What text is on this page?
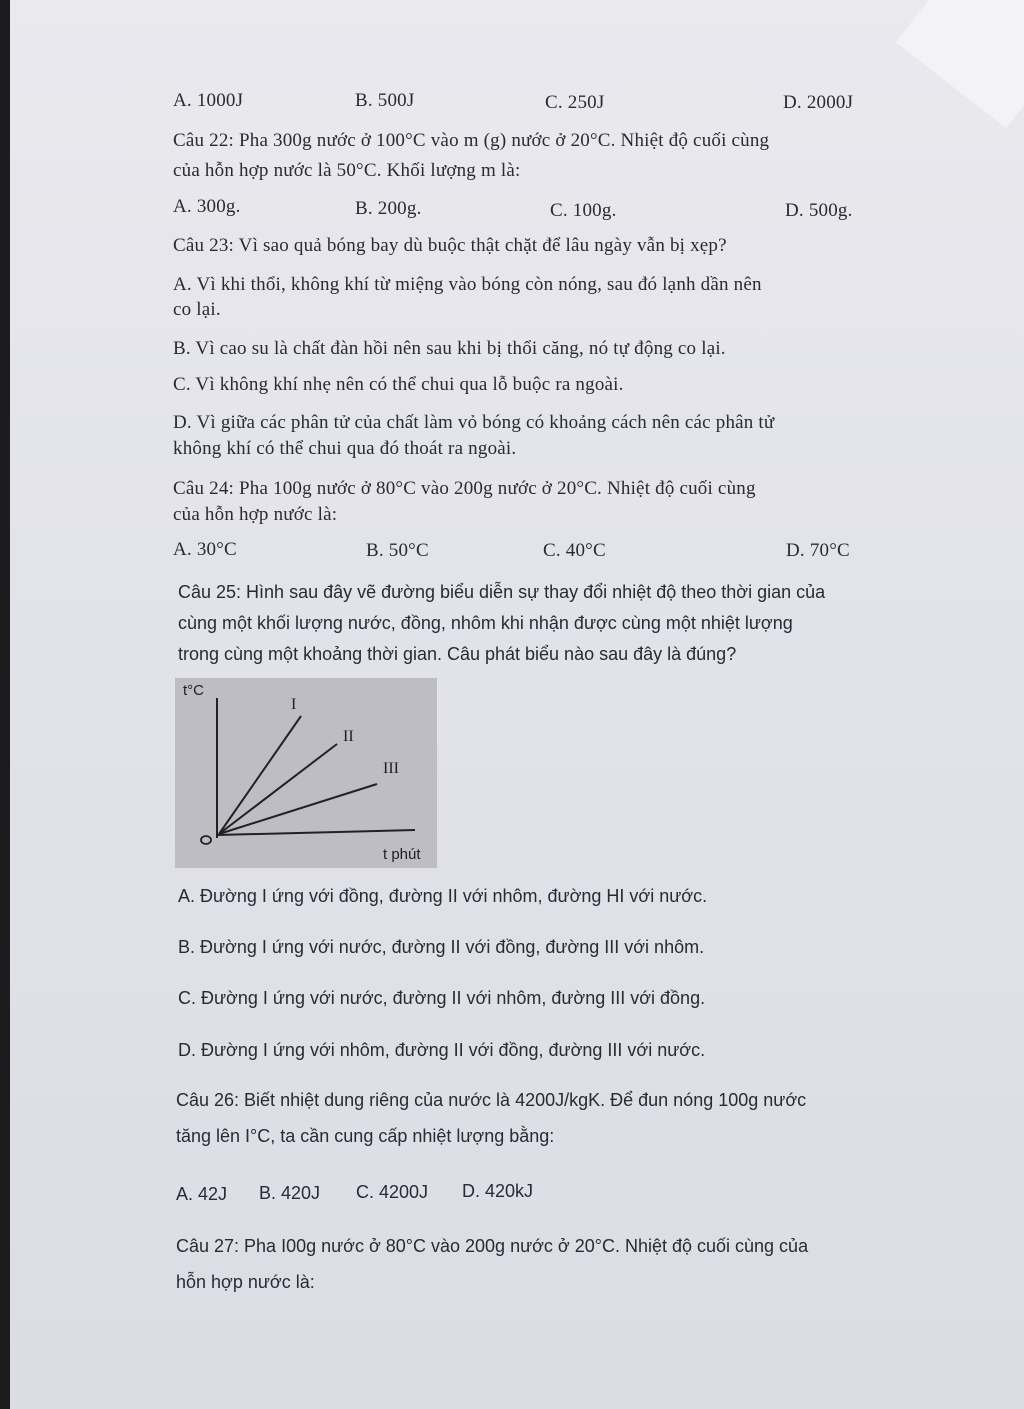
A. 1000J	B. 500J	C. 250J	D. 2000J
Câu 22: Pha 300g nước ở 100°C vào m (g) nước ở 20°C. Nhiệt độ cuối cùng
của hỗn hợp nước là 50°C. Khối lượng m là:
A. 300g.	B. 200g.	C. 100g.	D. 500g.
Câu 23: Vì sao quả bóng bay dù buộc thật chặt để lâu ngày vẫn bị xẹp?
A. Vì khi thổi, không khí từ miệng vào bóng còn nóng, sau đó lạnh dần nên
co lại.
B. Vì cao su là chất đàn hồi nên sau khi bị thổi căng, nó tự động co lại.
C. Vì không khí nhẹ nên có thể chui qua lỗ buộc ra ngoài.
D. Vì giữa các phân tử của chất làm vỏ bóng có khoảng cách nên các phân tử
không khí có thể chui qua đó thoát ra ngoài.
Câu 24: Pha 100g nước ở 80°C vào 200g nước ở 20°C. Nhiệt độ cuối cùng
của hỗn hợp nước là:
A. 30°C	B. 50°C	C. 40°C	D. 70°C
Câu 25: Hình sau đây vẽ đường biểu diễn sự thay đổi nhiệt độ theo thời gian của
cùng một khối lượng nước, đồng, nhôm khi nhận được cùng một nhiệt lượng
trong cùng một khoảng thời gian. Câu phát biểu nào sau đây là đúng?
t°C
t phút
I
II
III
A. Đường I ứng với đồng, đường II với nhôm, đường HI với nước.
B. Đường I ứng với nước, đường II với đồng, đường III với nhôm.
C. Đường I ứng với nước, đường II với nhôm, đường III với đồng.
D. Đường I ứng với nhôm, đường II với đồng, đường III với nước.
Câu 26: Biết nhiệt dung riêng của nước là 4200J/kgK. Để đun nóng 100g nước
tăng lên I°C, ta cần cung cấp nhiệt lượng bằng:
A. 42J B. 420J C. 4200J D. 420kJ
Câu 27: Pha I00g nước ở 80°C vào 200g nước ở 20°C. Nhiệt độ cuối cùng của
hỗn hợp nước là:
